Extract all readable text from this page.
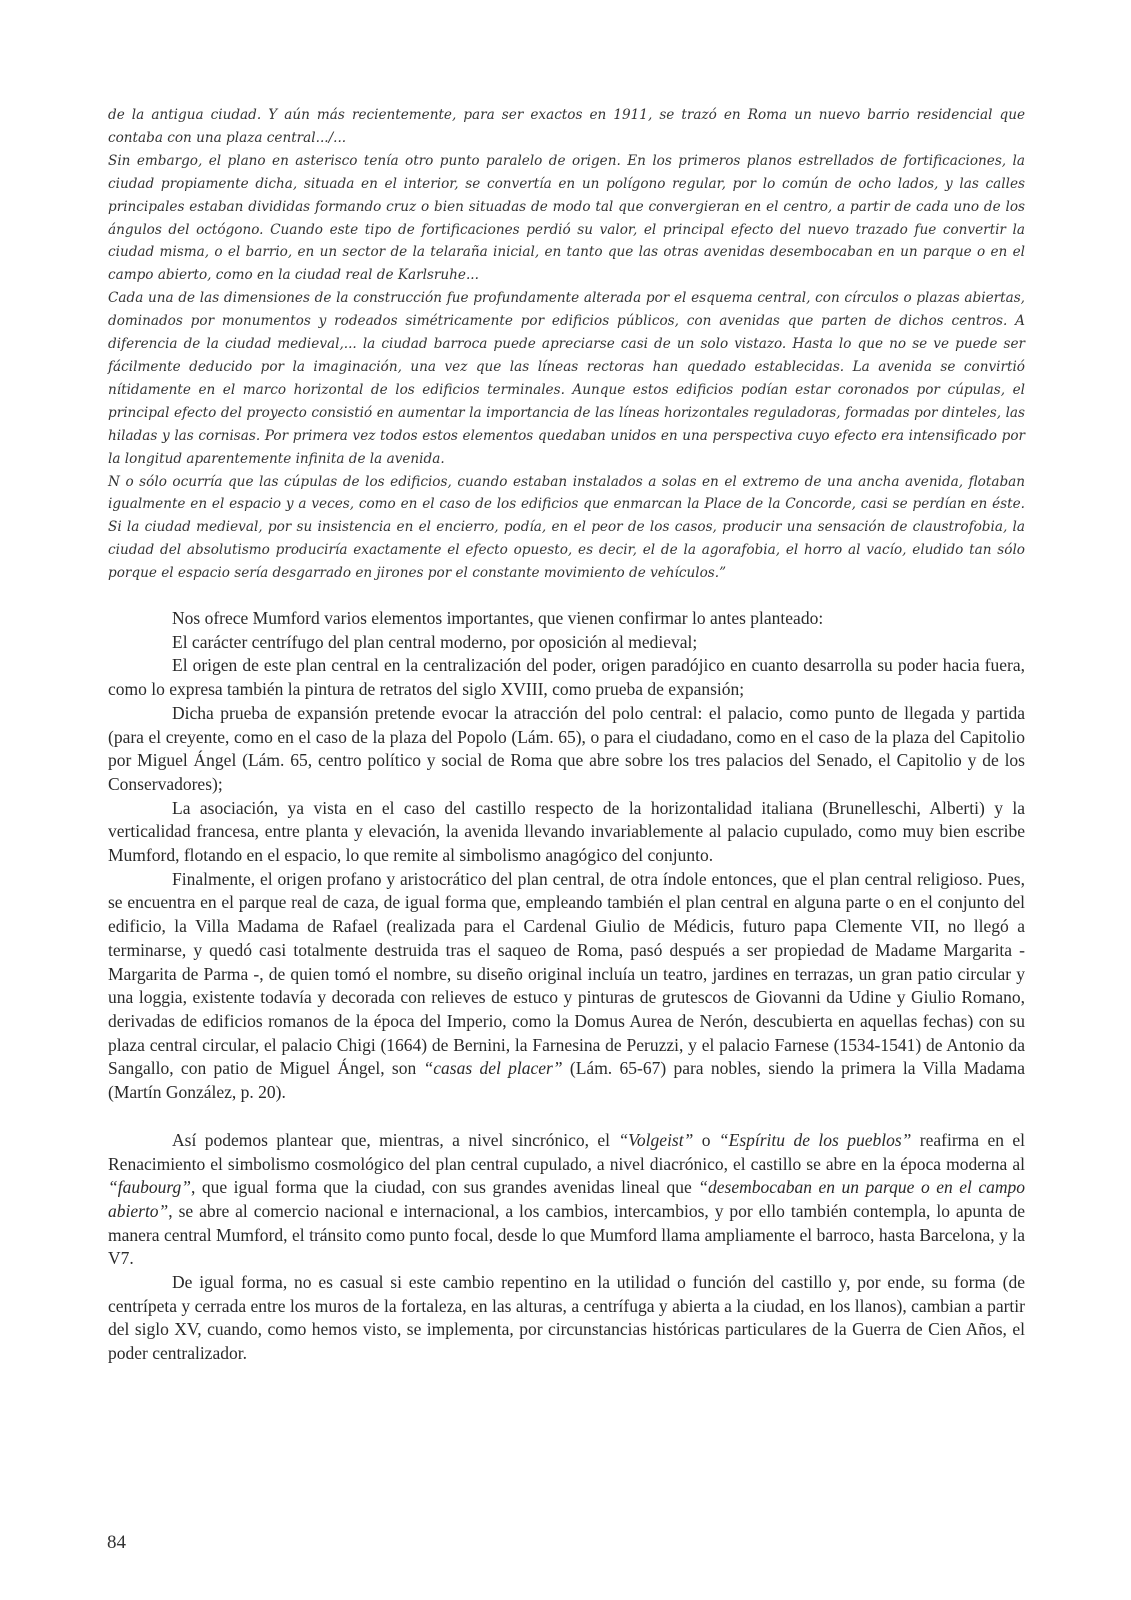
de la antigua ciudad. Y aún más recientemente, para ser exactos en 1911, se trazó en Roma un nuevo barrio residencial que contaba con una plaza central.../...

Sin embargo, el plano en asterisco tenía otro punto paralelo de origen. En los primeros planos estrellados de fortificaciones, la ciudad propiamente dicha, situada en el interior, se convertía en un polígono regular, por lo común de ocho lados, y las calles principales estaban divididas formando cruz o bien situadas de modo tal que convergieran en el centro, a partir de cada uno de los ángulos del octógono. Cuando este tipo de fortificaciones perdió su valor, el principal efecto del nuevo trazado fue convertir la ciudad misma, o el barrio, en un sector de la telaraña inicial, en tanto que las otras avenidas desembocaban en un parque o en el campo abierto, como en la ciudad real de Karlsruhe...

Cada una de las dimensiones de la construcción fue profundamente alterada por el esquema central, con círculos o plazas abiertas, dominados por monumentos y rodeados simétricamente por edificios públicos, con avenidas que parten de dichos centros. A diferencia de la ciudad medieval,... la ciudad barroca puede apreciarse casi de un solo vistazo. Hasta lo que no se ve puede ser fácilmente deducido por la imaginación, una vez que las líneas rectoras han quedado establecidas. La avenida se convirtió nítidamente en el marco horizontal de los edificios terminales. Aunque estos edificios podían estar coronados por cúpulas, el principal efecto del proyecto consistió en aumentar la importancia de las líneas horizontales reguladoras, formadas por dinteles, las hiladas y las cornisas. Por primera vez todos estos elementos quedaban unidos en una perspectiva cuyo efecto era intensificado por la longitud aparentemente infinita de la avenida.

N o sólo ocurría que las cúpulas de los edificios, cuando estaban instalados a solas en el extremo de una ancha avenida, flotaban igualmente en el espacio y a veces, como en el caso de los edificios que enmarcan la Place de la Concorde, casi se perdían en éste. Si la ciudad medieval, por su insistencia en el encierro, podía, en el peor de los casos, producir una sensación de claustrofobia, la ciudad del absolutismo produciría exactamente el efecto opuesto, es decir, el de la agorafobia, el horro al vacío, eludido tan sólo porque el espacio sería desgarrado en jirones por el constante movimiento de vehículos.”

Nos ofrece Mumford varios elementos importantes, que vienen confirmar lo antes planteado:

El carácter centrífugo del plan central moderno, por oposición al medieval;

El origen de este plan central en la centralización del poder, origen paradójico en cuanto desarrolla su poder hacia fuera, como lo expresa también la pintura de retratos del siglo XVIII, como prueba de expansión;

Dicha prueba de expansión pretende evocar la atracción del polo central: el palacio, como punto de llegada y partida (para el creyente, como en el caso de la plaza del Popolo (Lám. 65), o para el ciudadano, como en el caso de la plaza del Capitolio por Miguel Ángel (Lám. 65, centro político y social de Roma que abre sobre los tres palacios del Senado, el Capitolio y de los Conservadores);

La asociación, ya vista en el caso del castillo respecto de la horizontalidad italiana (Brunelleschi, Alberti) y la verticalidad francesa, entre planta y elevación, la avenida llevando invariablemente al palacio cupulado, como muy bien escribe Mumford, flotando en el espacio, lo que remite al simbolismo anagógico del conjunto.

Finalmente, el origen profano y aristocrático del plan central, de otra índole entonces, que el plan central religioso. Pues, se encuentra en el parque real de caza, de igual forma que, empleando también el plan central en alguna parte o en el conjunto del edificio, la Villa Madama de Rafael (realizada para el Cardenal Giulio de Médicis, futuro papa Clemente VII, no llegó a terminarse, y quedó casi totalmente destruida tras el saqueo de Roma, pasó después a ser propiedad de Madame Margarita - Margarita de Parma -, de quien tomó el nombre, su diseño original incluía un teatro, jardines en terrazas, un gran patio circular y una loggia, existente todavía y decorada con relieves de estuco y pinturas de grutescos de Giovanni da Udine y Giulio Romano, derivadas de edificios romanos de la época del Imperio, como la Domus Aurea de Nerón, descubierta en aquellas fechas) con su plaza central circular, el palacio Chigi (1664) de Bernini, la Farnesina de Peruzzi, y el palacio Farnese (1534-1541) de Antonio da Sangallo, con patio de Miguel Ángel, son “casas del placer” (Lám. 65-67) para nobles, siendo la primera la Villa Madama (Martín González, p. 20).

Así podemos plantear que, mientras, a nivel sincrónico, el “Volgeist” o “Espíritu de los pueblos” reafirma en el Renacimiento el simbolismo cosmológico del plan central cupulado, a nivel diacrónico, el castillo se abre en la época moderna al “faubourg”, que igual forma que la ciudad, con sus grandes avenidas lineal que “desembocaban en un parque o en el campo abierto”, se abre al comercio nacional e internacional, a los cambios, intercambios, y por ello también contempla, lo apunta de manera central Mumford, el tránsito como punto focal, desde lo que Mumford llama ampliamente el barroco, hasta Barcelona, y la V7.

De igual forma, no es casual si este cambio repentino en la utilidad o función del castillo y, por ende, su forma (de centrípeta y cerrada entre los muros de la fortaleza, en las alturas, a centrífuga y abierta a la ciudad, en los llanos), cambian a partir del siglo XV, cuando, como hemos visto, se implementa, por circunstancias históricas particulares de la Guerra de Cien Años, el poder centralizador.

84
